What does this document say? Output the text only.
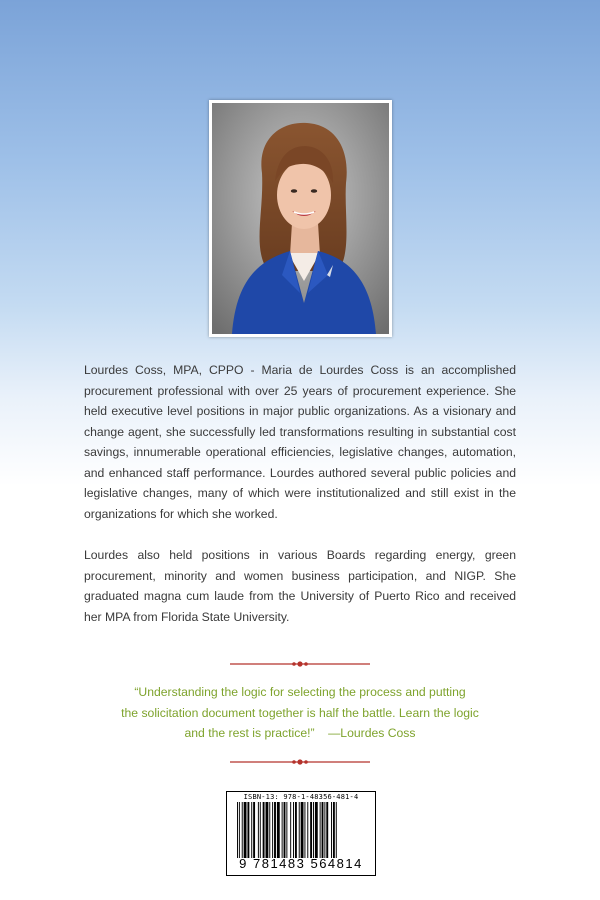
Lourdes Coss, MPA, CPPO - Maria de Lourdes Coss is an accomplished procurement professional with over 25 years of procurement experience. She held executive level positions in major public organizations. As a visionary and change agent, she successfully led transformations resulting in substantial cost savings, innumerable operational efficiencies, legislative changes, automation, and enhanced staff performance. Lourdes authored several public policies and legislative changes, many of which were institutionalized and still exist in the organizations for which she worked.

Lourdes also held positions in various Boards regarding energy, green procurement, minority and women business participation, and NIGP. She graduated magna cum laude from the University of Puerto Rico and received her MPA from Florida State University.

“Understanding the logic for selecting the process and putting
the solicitation document together is half the battle. Learn the logic
and the rest is practice!” —Lourdes Coss
ISBN-13: 978-1-48356-481-4
9 781483 564814
